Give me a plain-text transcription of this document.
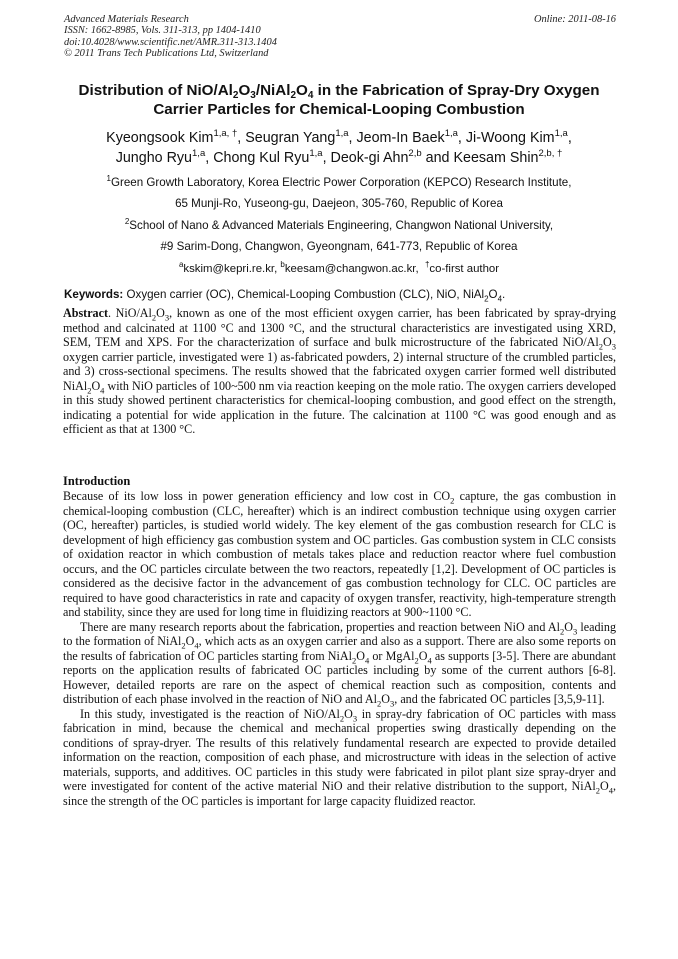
Advanced Materials Research
ISSN: 1662-8985, Vols. 311-313, pp 1404-1410
doi:10.4028/www.scientific.net/AMR.311-313.1404
© 2011 Trans Tech Publications Ltd, Switzerland
Online: 2011-08-16
Distribution of NiO/$Al_2O_3/NiAl_2O_4$ in the Fabrication of Spray-Dry Oxygen
Carrier Particles for Chemical-Looping Combustion
Kyeongsook Kim$^{1,a, \dagger}$, Seugran Yang$^{1,a}$, Jeom-In Baek$^{1,a}$, Ji-Woong Kim$^{1,a}$,
Jungho Ryu$^{1,a}$, Chong Kul Ryu$^{1,a}$, Deok-gi Ahn$^{2,b}$ and Keesam Shin$^{2,b, \dagger}$
$^1$Green Growth Laboratory, Korea Electric Power Corporation (KEPCO) Research Institute,
65 Munji-Ro, Yuseong-gu, Daejeon, 305-760, Republic of Korea
$^2$School of Nano & Advanced Materials Engineering, Changwon National University,
#9 Sarim-Dong, Changwon, Gyeongnam, 641-773, Republic of Korea
$^a$kskim@kepri.re.kr, $^b$keesam@changwon.ac.kr, †co-first author
Keywords: Oxygen carrier (OC), Chemical-Looping Combustion (CLC), NiO, $NiAl_2O_4$.

Abstract. NiO/$Al_2O_3$, known as one of the most efficient oxygen carrier, has been fabricated by spray-drying method and calcinated at 1100 °C and 1300 °C, and the structural characteristics are investigated using XRD, SEM, TEM and XPS. For the characterization of surface and bulk microstructure of the fabricated NiO/$Al_2O_3$ oxygen carrier particle, investigated were 1) as-fabricated powders, 2) internal structure of the crumbled particles, and 3) cross-sectional specimens. The results showed that the fabricated oxygen carrier formed well distributed $NiAl_2O_4$ with NiO particles of 100~500 nm via reaction keeping on the mole ratio. The oxygen carriers developed in this study showed pertinent characteristics for chemical-looping combustion, and good effect on the strength, indicating a potential for wide application in the future. The calcination at 1100 °C was good enough and as efficient as that at 1300 °C.

Introduction

Because of its low loss in power generation efficiency and low cost in $CO_2$ capture, the gas combustion in chemical-looping combustion (CLC, hereafter) which is an indirect combustion technique using oxygen carrier (OC, hereafter) particles, is studied world widely. The key element of the gas combustion research for CLC is development of high efficiency gas combustion system and OC particles. Gas combustion system in CLC consists of oxidation reactor in which combustion of metals takes place and reduction reactor where fuel combustion occurs, and the OC particles circulate between the two reactors, repeatedly [1,2]. Development of OC particles is considered as the decisive factor in the advancement of gas combustion technology for CLC. OC particles are required to have good characteristics in rate and capacity of oxygen transfer, reactivity, high-temperature strength and stability, since they are used for long time in fluidizing reactors at 900~1100 °C.

There are many research reports about the fabrication, properties and reaction between NiO and $Al_2O_3$ leading to the formation of $NiAl_2O_4$, which acts as an oxygen carrier and also as a support. There are also some reports on the results of fabrication of OC particles starting from $NiAl_2O_4$ or $MgAl_2O_4$ as supports [3-5]. There are abundant reports on the application results of fabricated OC particles including by some of the current authors [6-8]. However, detailed reports are rare on the aspect of chemical reaction such as composition, contents and distribution of each phase involved in the reaction of NiO and $Al_2O_3$, and the fabricated OC particles [3,5,9-11].

In this study, investigated is the reaction of NiO/$Al_2O_3$ in spray-dry fabrication of OC particles with mass fabrication in mind, because the chemical and mechanical properties swing drastically depending on the conditions of spray-dryer. The results of this relatively fundamental research are expected to provide detailed information on the reaction, composition of each phase, and microstructure with ideas in the selection of active materials, supports, and additives. OC particles in this study were fabricated in pilot plant size spray-dryer and were investigated for content of the active material NiO and their relative distribution to the support, $NiAl_2O_4$, since the strength of the OC particles is important for large capacity fluidized reactor.
